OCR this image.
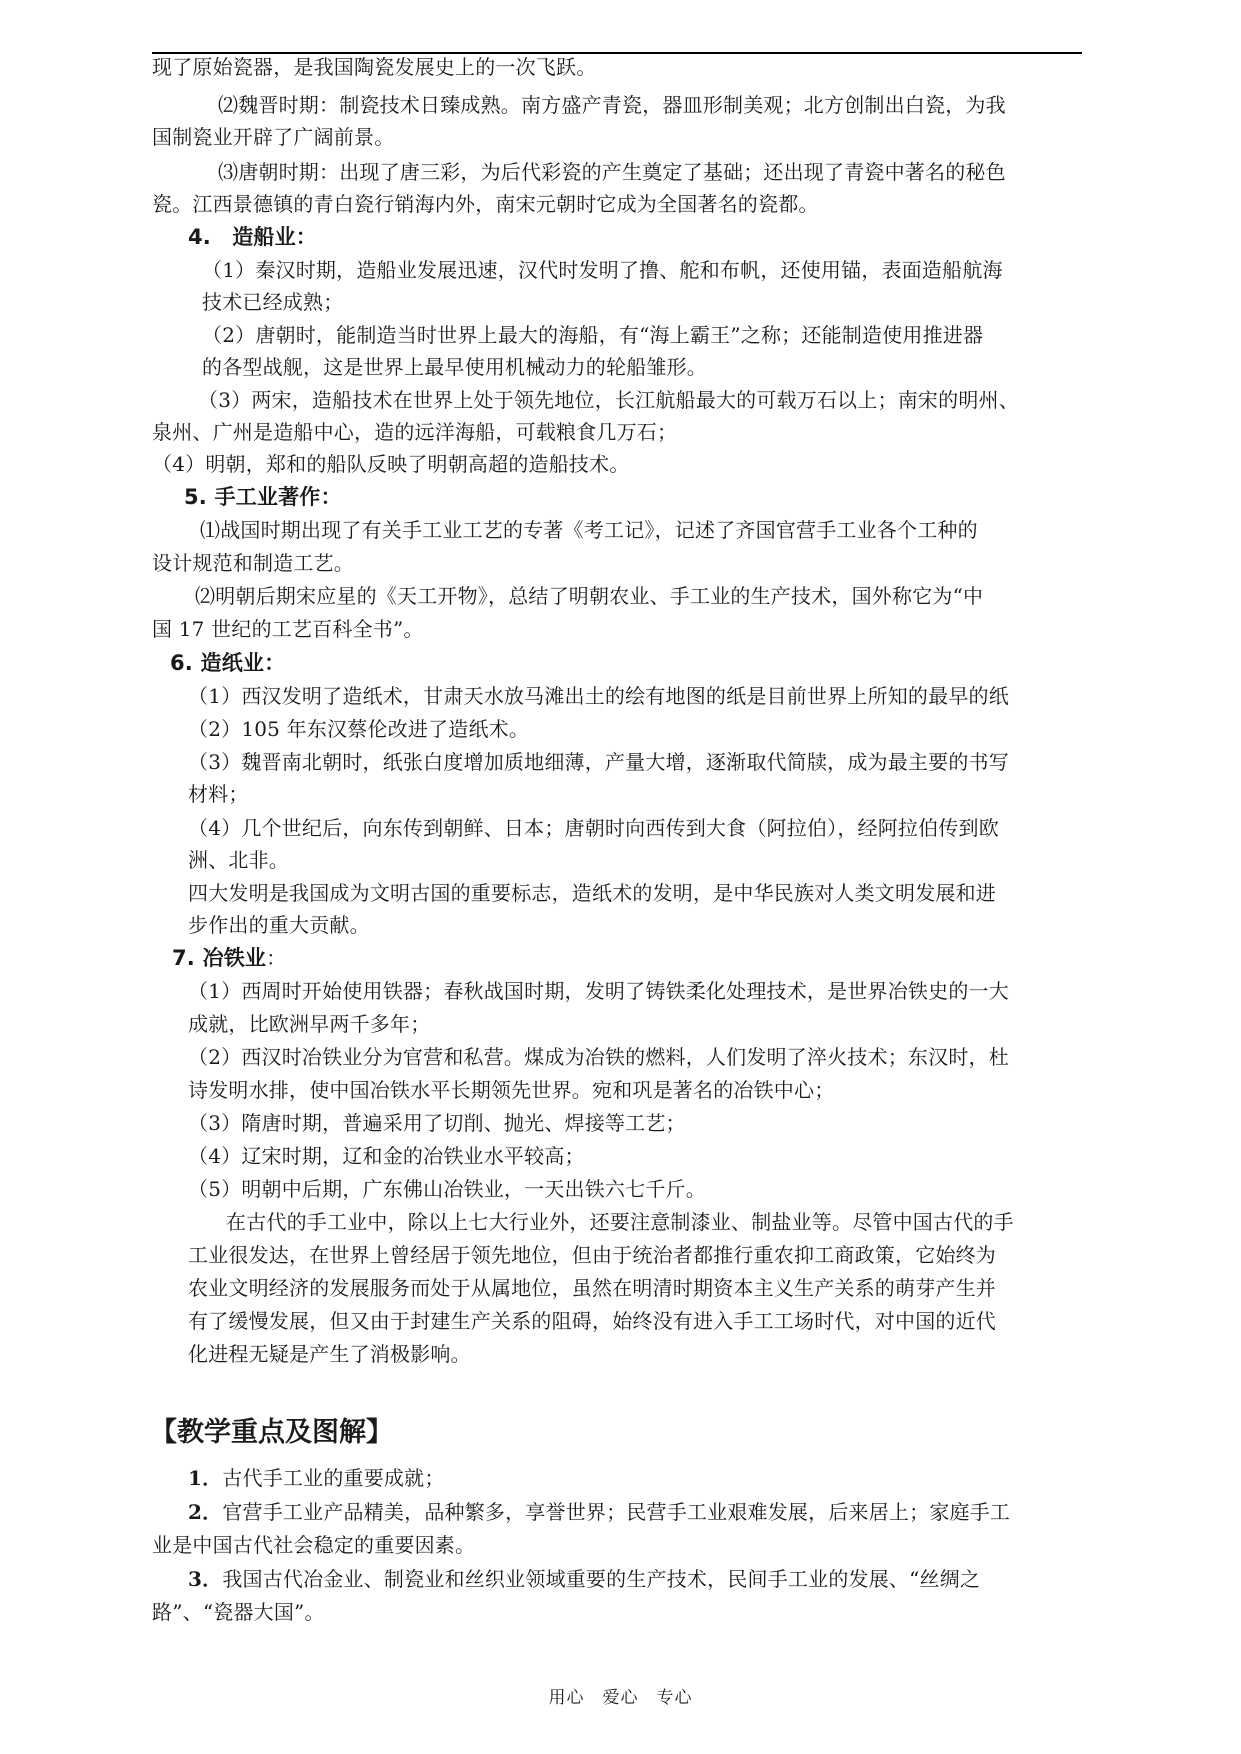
现了原始瓷器，是我国陶瓷发展史上的一次飞跃。
⑵魏晋时期：制瓷技术日臻成熟。南方盛产青瓷，器皿形制美观；北方创制出白瓷，为我
国制瓷业开辟了广阔前景。
⑶唐朝时期：出现了唐三彩，为后代彩瓷的产生奠定了基础；还出现了青瓷中著名的秘色
瓷。江西景德镇的青白瓷行销海内外，南宋元朝时它成为全国著名的瓷都。
4.　造船业：
（1）秦汉时期，造船业发展迅速，汉代时发明了撸、舵和布帆，还使用锚，表面造船航海
技术已经成熟；
（2）唐朝时，能制造当时世界上最大的海船，有“海上霸王”之称；还能制造使用推进器
的各型战舰，这是世界上最早使用机械动力的轮船雏形。
（3）两宋，造船技术在世界上处于领先地位，长江航船最大的可载万石以上；南宋的明州、
泉州、广州是造船中心，造的远洋海船，可载粮食几万石；
（4）明朝，郑和的船队反映了明朝高超的造船技术。
5. 手工业著作：
⑴战国时期出现了有关手工业工艺的专著《考工记》，记述了齐国官营手工业各个工种的
设计规范和制造工艺。
⑵明朝后期宋应星的《天工开物》，总结了明朝农业、手工业的生产技术，国外称它为“中
国 17 世纪的工艺百科全书”。
6. 造纸业：
（1）西汉发明了造纸术，甘肃天水放马滩出土的绘有地图的纸是目前世界上所知的最早的纸
（2）105 年东汉蔡伦改进了造纸术。
（3）魏晋南北朝时，纸张白度增加质地细薄，产量大增，逐渐取代简牍，成为最主要的书写
材料；
（4）几个世纪后，向东传到朝鲜、日本；唐朝时向西传到大食（阿拉伯），经阿拉伯传到欧
洲、北非。
四大发明是我国成为文明古国的重要标志，造纸术的发明，是中华民族对人类文明发展和进
步作出的重大贡献。
7. 冶铁业：
（1）西周时开始使用铁器；春秋战国时期，发明了铸铁柔化处理技术，是世界冶铁史的一大
成就，比欧洲早两千多年；
（2）西汉时冶铁业分为官营和私营。煤成为冶铁的燃料，人们发明了淬火技术；东汉时，杜
诗发明水排，使中国冶铁水平长期领先世界。宛和巩是著名的冶铁中心；
（3）隋唐时期，普遍采用了切削、抛光、焊接等工艺；
（4）辽宋时期，辽和金的冶铁业水平较高；
（5）明朝中后期，广东佛山冶铁业，一天出铁六七千斤。
在古代的手工业中，除以上七大行业外，还要注意制漆业、制盐业等。尽管中国古代的手
工业很发达，在世界上曾经居于领先地位，但由于统治者都推行重农抑工商政策，它始终为
农业文明经济的发展服务而处于从属地位，虽然在明清时期资本主义生产关系的萌芽产生并
有了缓慢发展，但又由于封建生产关系的阻碍，始终没有进入手工工场时代，对中国的近代
化进程无疑是产生了消极影响。
【教学重点及图解】
1．古代手工业的重要成就；
2．官营手工业产品精美，品种繁多，享誉世界；民营手工业艰难发展，后来居上；家庭手工
业是中国古代社会稳定的重要因素。
3．我国古代冶金业、制瓷业和丝织业领域重要的生产技术，民间手工业的发展、“丝绸之
路”、“瓷器大国”。
用心　爱心　专心
